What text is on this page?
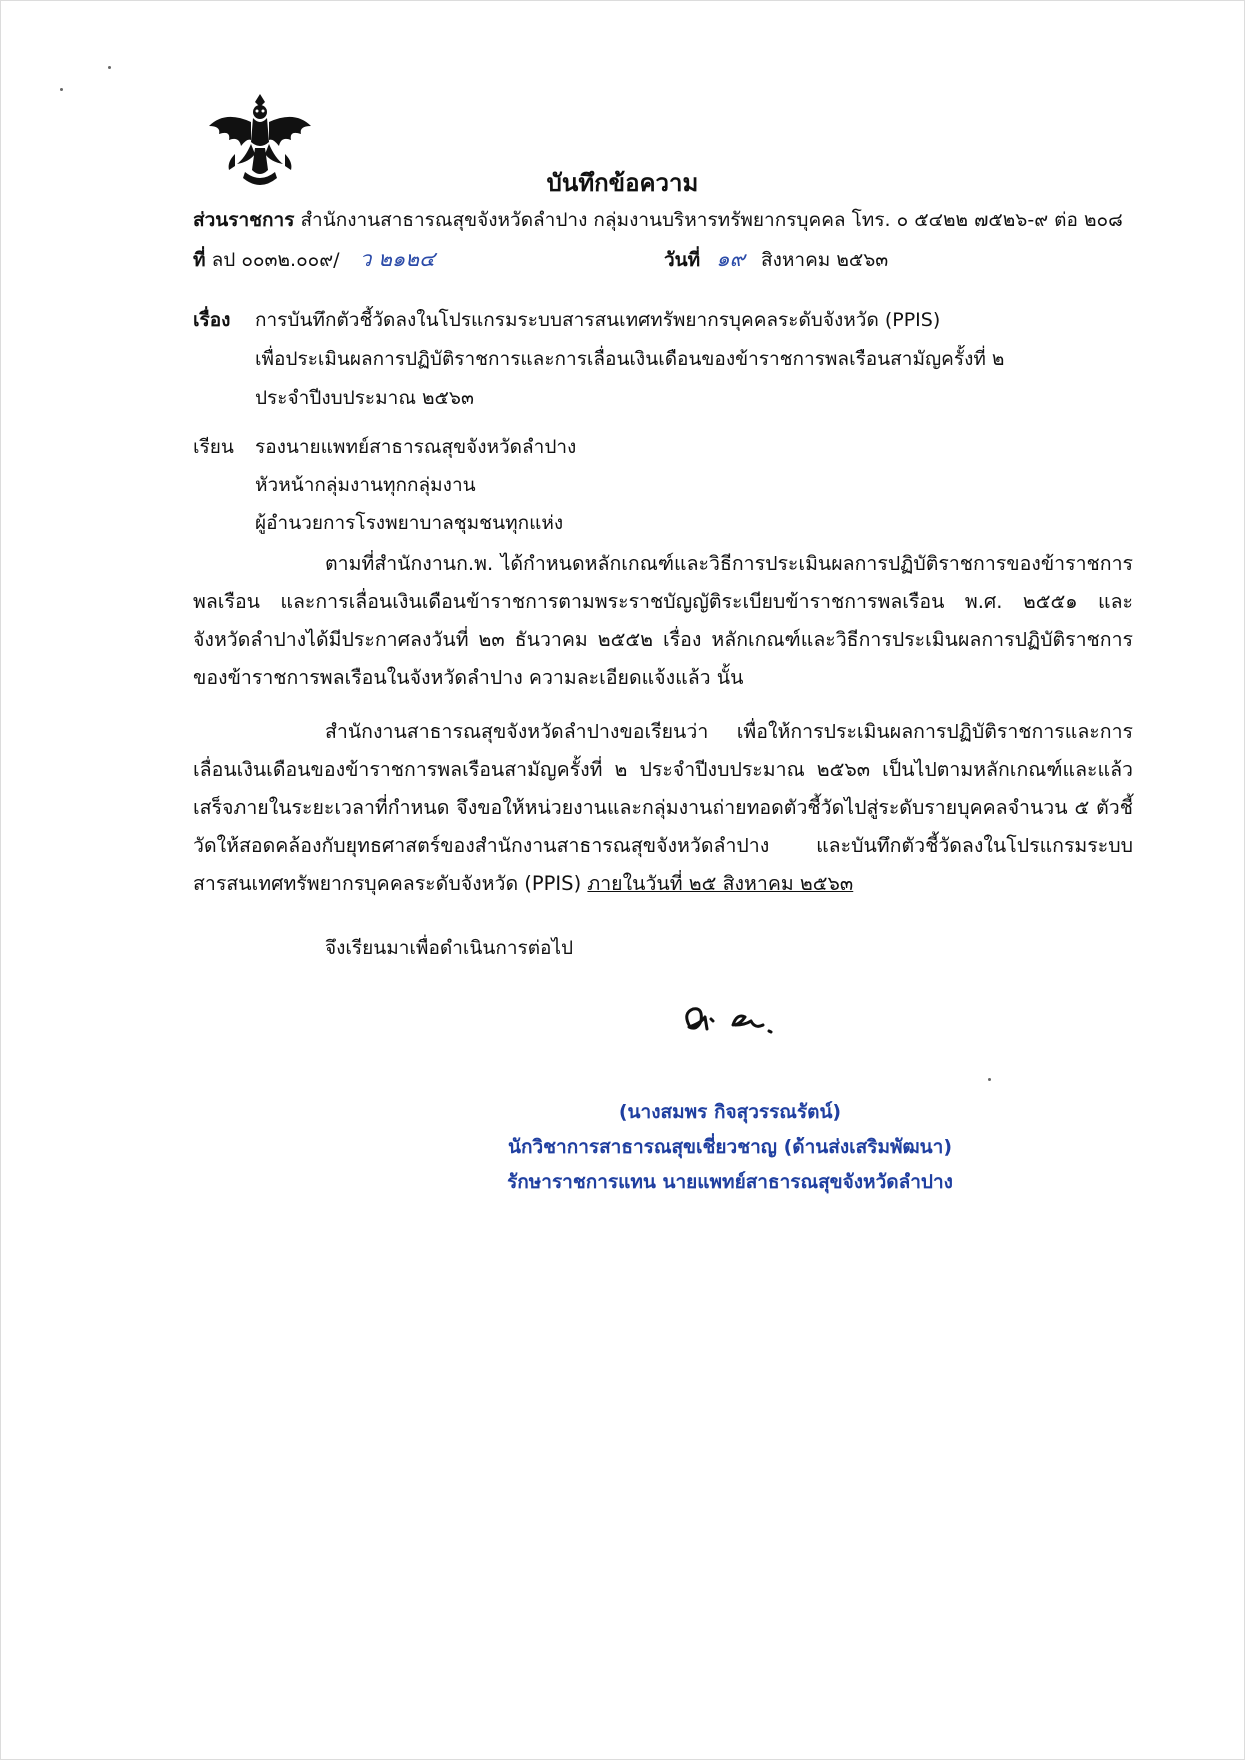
บันทึกข้อความ
ส่วนราชการ สำนักงานสาธารณสุขจังหวัดลำปาง กลุ่มงานบริหารทรัพยากรบุคคล โทร. ๐ ๕๔๒๒ ๗๕๒๖-๙ ต่อ ๒๐๘
ที่ ลป ๐๐๓๒.๐๐๙/ ว ๒๑๒๔	วันที่ ๑๙ สิงหาคม ๒๕๖๓
เรื่อง การบันทึกตัวชี้วัดลงในโปรแกรมระบบสารสนเทศทรัพยากรบุคคลระดับจังหวัด (PPIS)
เพื่อประเมินผลการปฏิบัติราชการและการเลื่อนเงินเดือนของข้าราชการพลเรือนสามัญครั้งที่ ๒
ประจำปีงบประมาณ ๒๕๖๓
เรียน รองนายแพทย์สาธารณสุขจังหวัดลำปาง
หัวหน้ากลุ่มงานทุกกลุ่มงาน
ผู้อำนวยการโรงพยาบาลชุมชนทุกแห่ง

ตามที่สำนักงานก.พ. ได้กำหนดหลักเกณฑ์และวิธีการประเมินผลการปฏิบัติราชการของข้าราชการพลเรือน และการเลื่อนเงินเดือนข้าราชการตามพระราชบัญญัติระเบียบข้าราชการพลเรือน พ.ศ. ๒๕๕๑ และจังหวัดลำปางได้มีประกาศลงวันที่ ๒๓ ธันวาคม ๒๕๕๒ เรื่อง หลักเกณฑ์และวิธีการประเมินผลการปฏิบัติราชการของข้าราชการพลเรือนในจังหวัดลำปาง ความละเอียดแจ้งแล้ว นั้น

สำนักงานสาธารณสุขจังหวัดลำปางขอเรียนว่า เพื่อให้การประเมินผลการปฏิบัติราชการและการเลื่อนเงินเดือนของข้าราชการพลเรือนสามัญครั้งที่ ๒ ประจำปีงบประมาณ ๒๕๖๓ เป็นไปตามหลักเกณฑ์และแล้วเสร็จภายในระยะเวลาที่กำหนด จึงขอให้หน่วยงานและกลุ่มงานถ่ายทอดตัวชี้วัดไปสู่ระดับรายบุคคลจำนวน ๕ ตัวชี้วัดให้สอดคล้องกับยุทธศาสตร์ของสำนักงานสาธารณสุขจังหวัดลำปาง และบันทึกตัวชี้วัดลงในโปรแกรมระบบสารสนเทศทรัพยากรบุคคลระดับจังหวัด (PPIS) ภายในวันที่ ๒๕ สิงหาคม ๒๕๖๓

จึงเรียนมาเพื่อดำเนินการต่อไป
(นางสมพร กิจสุวรรณรัตน์)
นักวิชาการสาธารณสุขเชี่ยวชาญ (ด้านส่งเสริมพัฒนา)
รักษาราชการแทน นายแพทย์สาธารณสุขจังหวัดลำปาง
